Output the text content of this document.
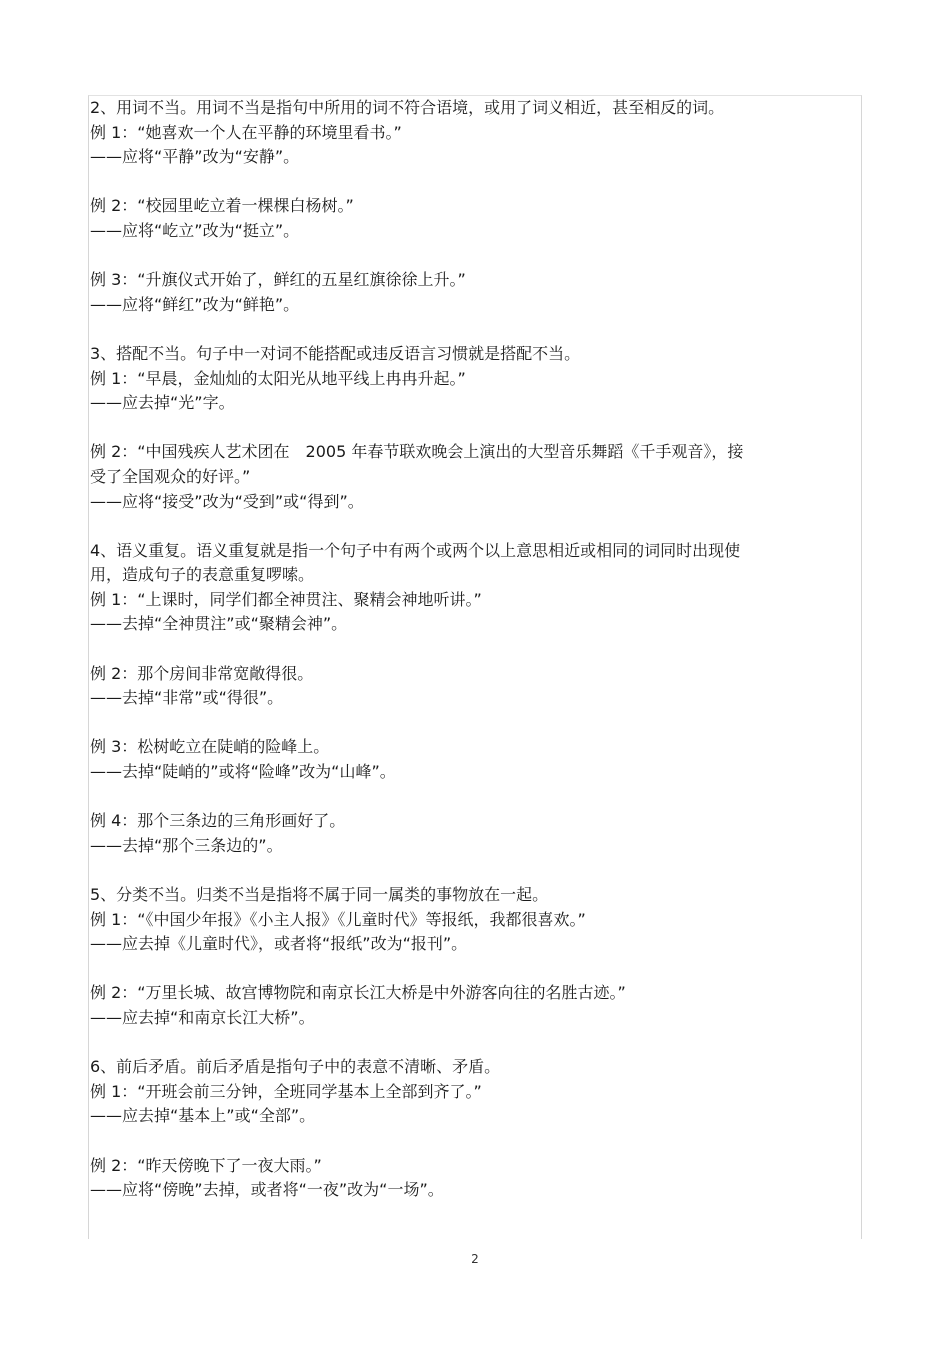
2、用词不当。用词不当是指句中所用的词不符合语境，或用了词义相近，甚至相反的词。
例 1：“她喜欢一个人在平静的环境里看书。”
——应将“平静”改为“安静”。
例 2：“校园里屹立着一棵棵白杨树。”
——应将“屹立”改为“挺立”。
例 3：“升旗仪式开始了，鲜红的五星红旗徐徐上升。”
——应将“鲜红”改为“鲜艳”。
3、搭配不当。句子中一对词不能搭配或违反语言习惯就是搭配不当。
例 1：“早晨，金灿灿的太阳光从地平线上冉冉升起。”
——应去掉“光”字。
例 2：“中国残疾人艺术团在　2005 年春节联欢晚会上演出的大型音乐舞蹈《千手观音》，接
受了全国观众的好评。”
——应将“接受”改为“受到”或“得到”。
4、语义重复。语义重复就是指一个句子中有两个或两个以上意思相近或相同的词同时出现使
用，造成句子的表意重复啰嗦。
例 1：“上课时，同学们都全神贯注、聚精会神地听讲。”
——去掉“全神贯注”或“聚精会神”。
例 2：那个房间非常宽敞得很。
——去掉“非常”或“得很”。
例 3：松树屹立在陡峭的险峰上。
——去掉“陡峭的”或将“险峰”改为“山峰”。
例 4：那个三条边的三角形画好了。
——去掉“那个三条边的”。
5、分类不当。归类不当是指将不属于同一属类的事物放在一起。
例 1：“《中国少年报》《小主人报》《儿童时代》等报纸，我都很喜欢。”
——应去掉《儿童时代》，或者将“报纸”改为“报刊”。
例 2：“万里长城、故宫博物院和南京长江大桥是中外游客向往的名胜古迹。”
——应去掉“和南京长江大桥”。
6、前后矛盾。前后矛盾是指句子中的表意不清晰、矛盾。
例 1：“开班会前三分钟，全班同学基本上全部到齐了。”
——应去掉“基本上”或“全部”。
例 2：“昨天傍晚下了一夜大雨。”
——应将“傍晚”去掉，或者将“一夜”改为“一场”。
2
